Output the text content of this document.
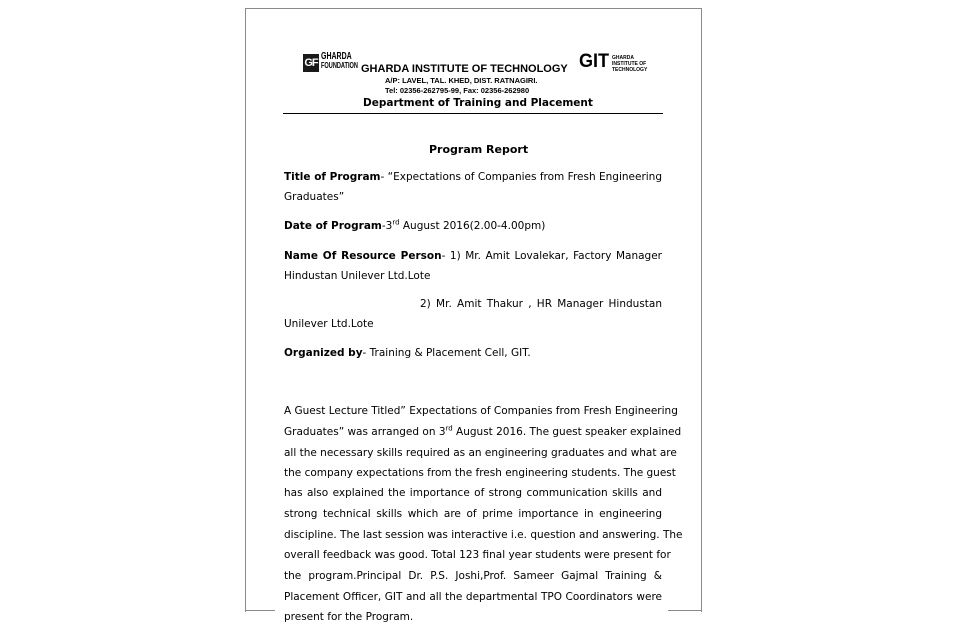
GF
GHARDA
FOUNDATION GHARDA INSTITUTE OF TECHNOLOGY GIT GHARDA
INSTITUTE OF
TECHNOLOGY
A/P: LAVEL, TAL. KHED, DIST. RATNAGIRI.
Tel: 02356-262795-99, Fax: 02356-262980
Department of Training and Placement
Program Report
Title of Program- “Expectations of Companies from Fresh Engineering
Graduates”
Date of Program-3rd August 2016(2.00-4.00pm)
Name Of Resource Person- 1) Mr. Amit Lovalekar, Factory Manager
Hindustan Unilever Ltd.Lote
2) Mr. Amit Thakur , HR Manager Hindustan
Unilever Ltd.Lote
Organized by- Training & Placement Cell, GIT.
A Guest Lecture Titled” Expectations of Companies from Fresh Engineering
Graduates” was arranged on 3rd August 2016. The guest speaker explained
all the necessary skills required as an engineering graduates and what are
the company expectations from the fresh engineering students. The guest
has also explained the importance of strong communication skills and
strong technical skills which are of prime importance in engineering
discipline. The last session was interactive i.e. question and answering. The
overall feedback was good. Total 123 final year students were present for
the program.Principal Dr. P.S. Joshi,Prof. Sameer Gajmal Training &
Placement Officer, GIT and all the departmental TPO Coordinators were
present for the Program.
